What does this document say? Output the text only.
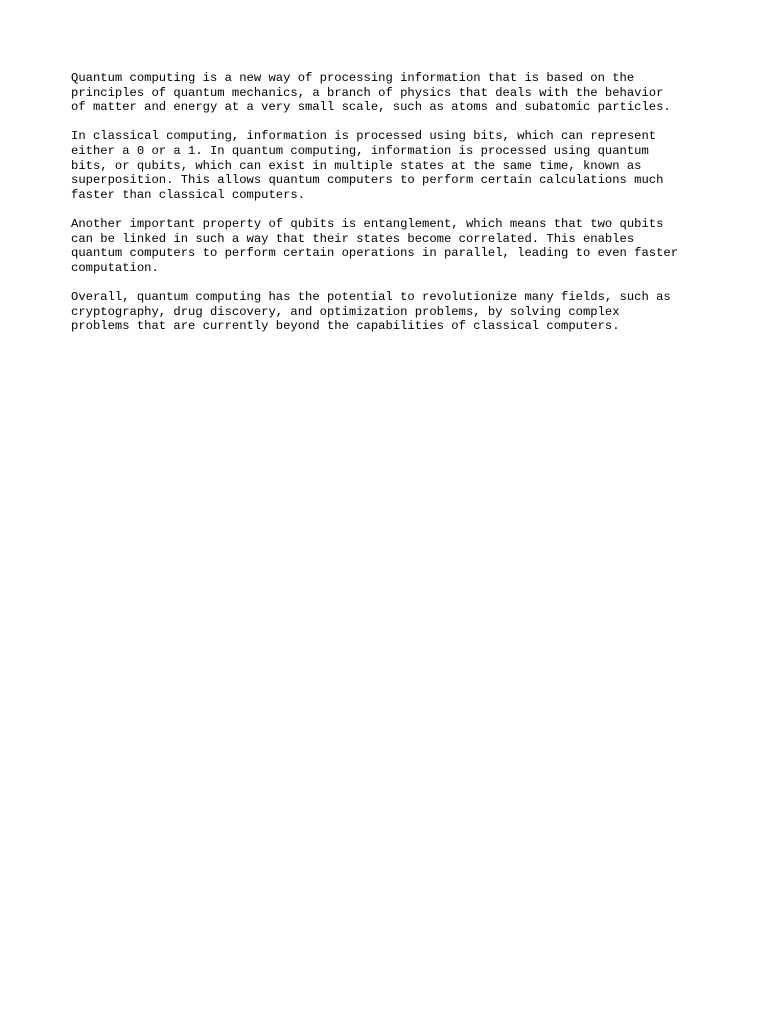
Quantum computing is a new way of processing information that is based on the
principles of quantum mechanics, a branch of physics that deals with the behavior
of matter and energy at a very small scale, such as atoms and subatomic particles.

In classical computing, information is processed using bits, which can represent
either a 0 or a 1. In quantum computing, information is processed using quantum
bits, or qubits, which can exist in multiple states at the same time, known as
superposition. This allows quantum computers to perform certain calculations much
faster than classical computers.

Another important property of qubits is entanglement, which means that two qubits
can be linked in such a way that their states become correlated. This enables
quantum computers to perform certain operations in parallel, leading to even faster
computation.

Overall, quantum computing has the potential to revolutionize many fields, such as
cryptography, drug discovery, and optimization problems, by solving complex
problems that are currently beyond the capabilities of classical computers.
